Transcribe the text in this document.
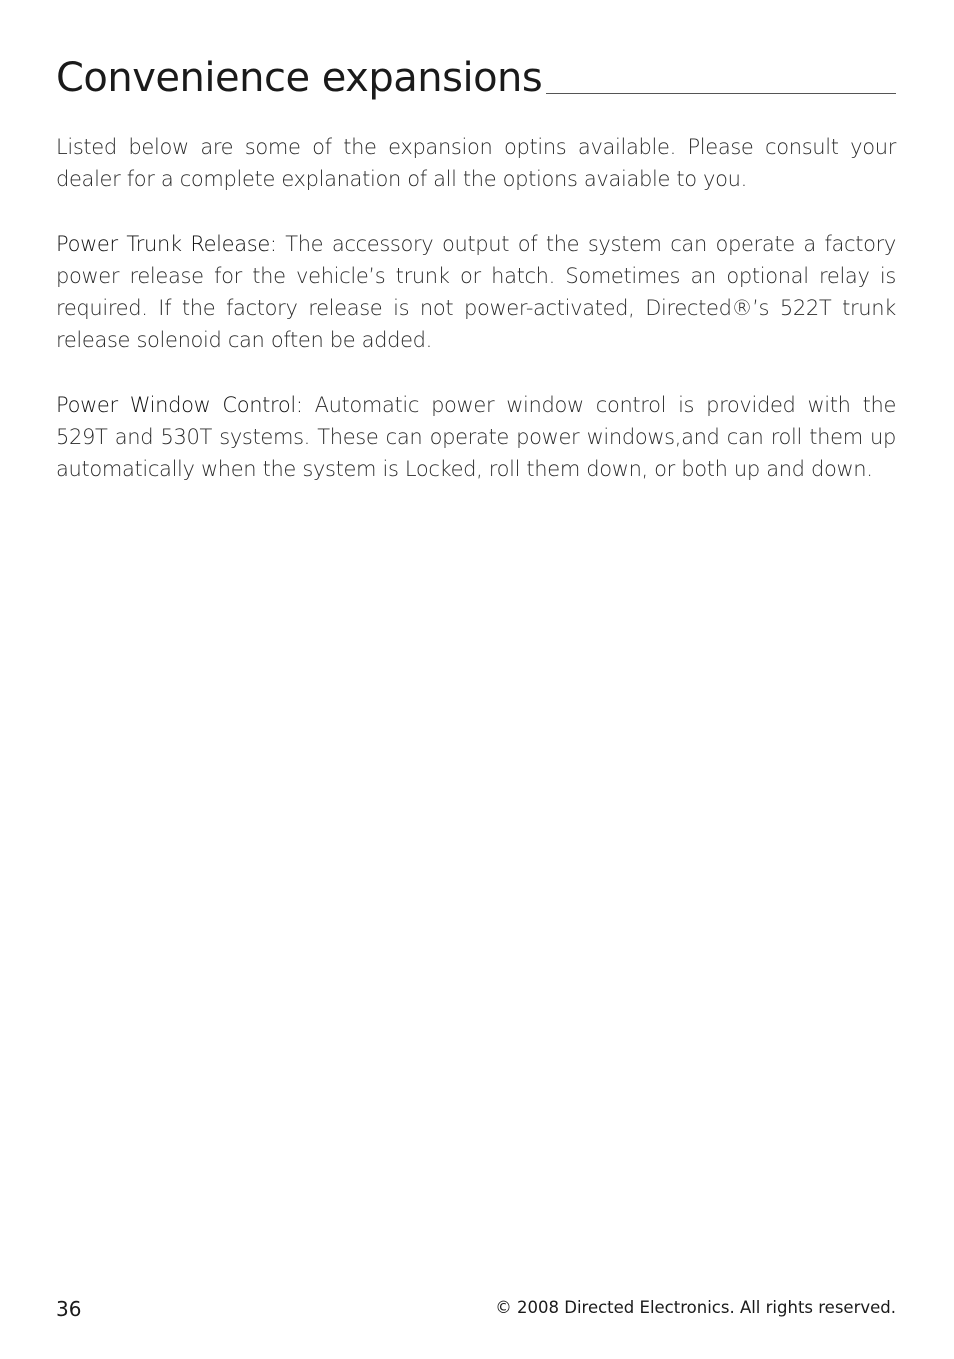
Convenience expansions

Listed below are some of the expansion optins available. Please consult your dealer for a complete explanation of all the options avaiable to you.

Power Trunk Release: The accessory output of the system can operate a factory power release for the vehicle’s trunk or hatch. Sometimes an optional relay is required. If the factory release is not power-activated, Directed®’s 522T trunk release solenoid can often be added.

Power Window Control: Automatic power window control is provided with the 529T and 530T systems. These can operate power windows,and can roll them up automatically when the system is Locked, roll them down, or both up and down.

36	© 2008 Directed Electronics. All rights reserved.
